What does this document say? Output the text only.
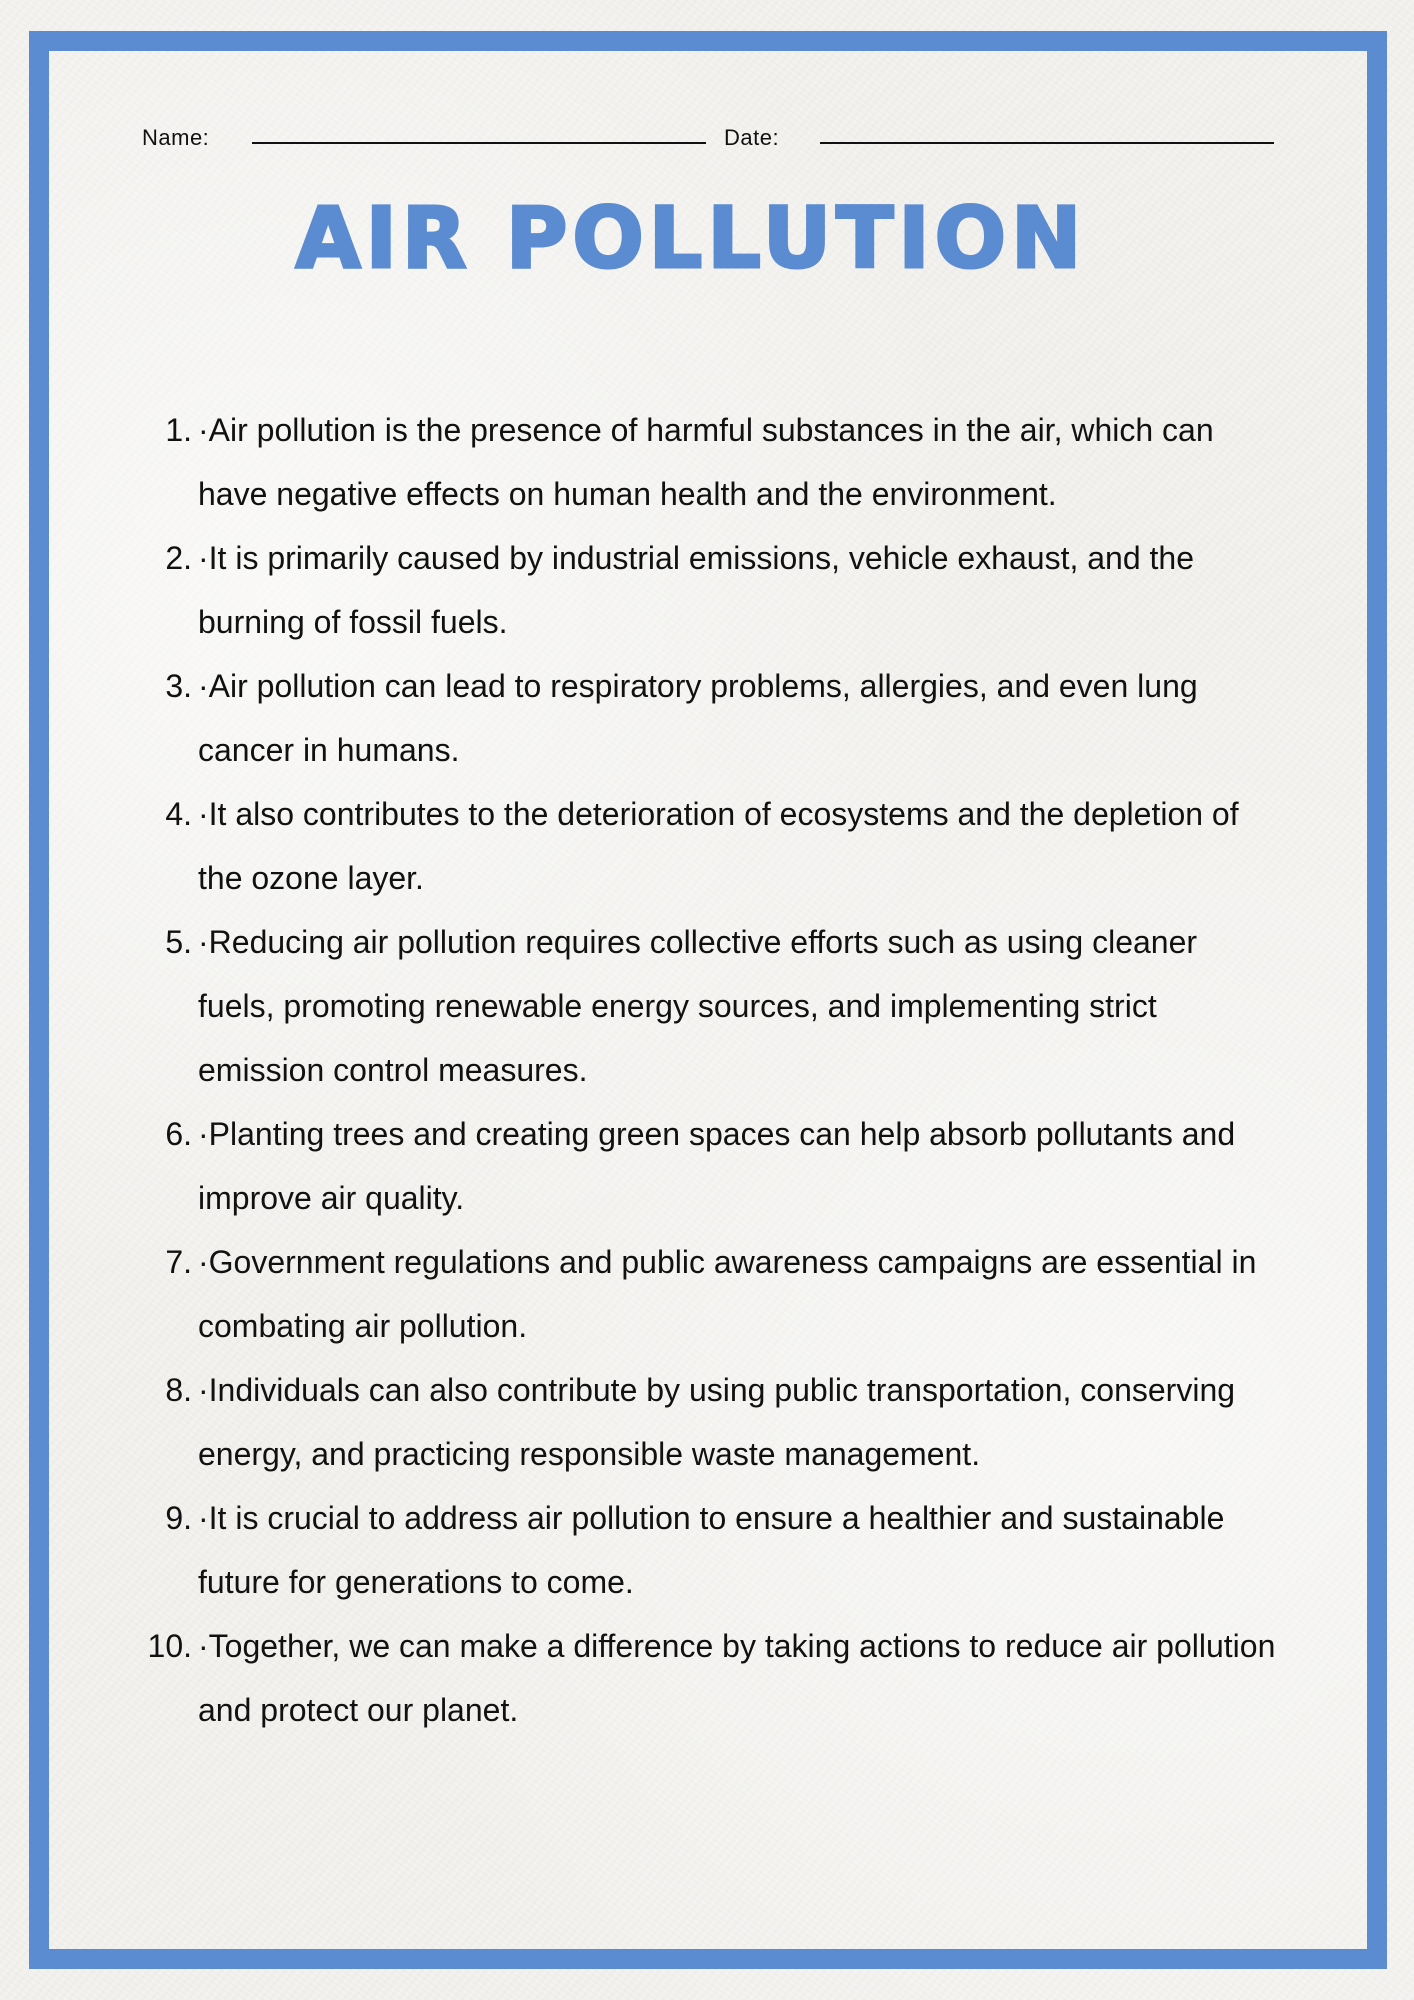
Name:	Date:
AIR POLLUTION
1. ·Air pollution is the presence of harmful substances in the air, which can have negative effects on human health and the environment.
2. ·It is primarily caused by industrial emissions, vehicle exhaust, and the burning of fossil fuels.
3. ·Air pollution can lead to respiratory problems, allergies, and even lung cancer in humans.
4. ·It also contributes to the deterioration of ecosystems and the depletion of the ozone layer.
5. ·Reducing air pollution requires collective efforts such as using cleaner fuels, promoting renewable energy sources, and implementing strict emission control measures.
6. ·Planting trees and creating green spaces can help absorb pollutants and improve air quality.
7. ·Government regulations and public awareness campaigns are essential in combating air pollution.
8. ·Individuals can also contribute by using public transportation, conserving energy, and practicing responsible waste management.
9. ·It is crucial to address air pollution to ensure a healthier and sustainable future for generations to come.
10. ·Together, we can make a difference by taking actions to reduce air pollution and protect our planet.
